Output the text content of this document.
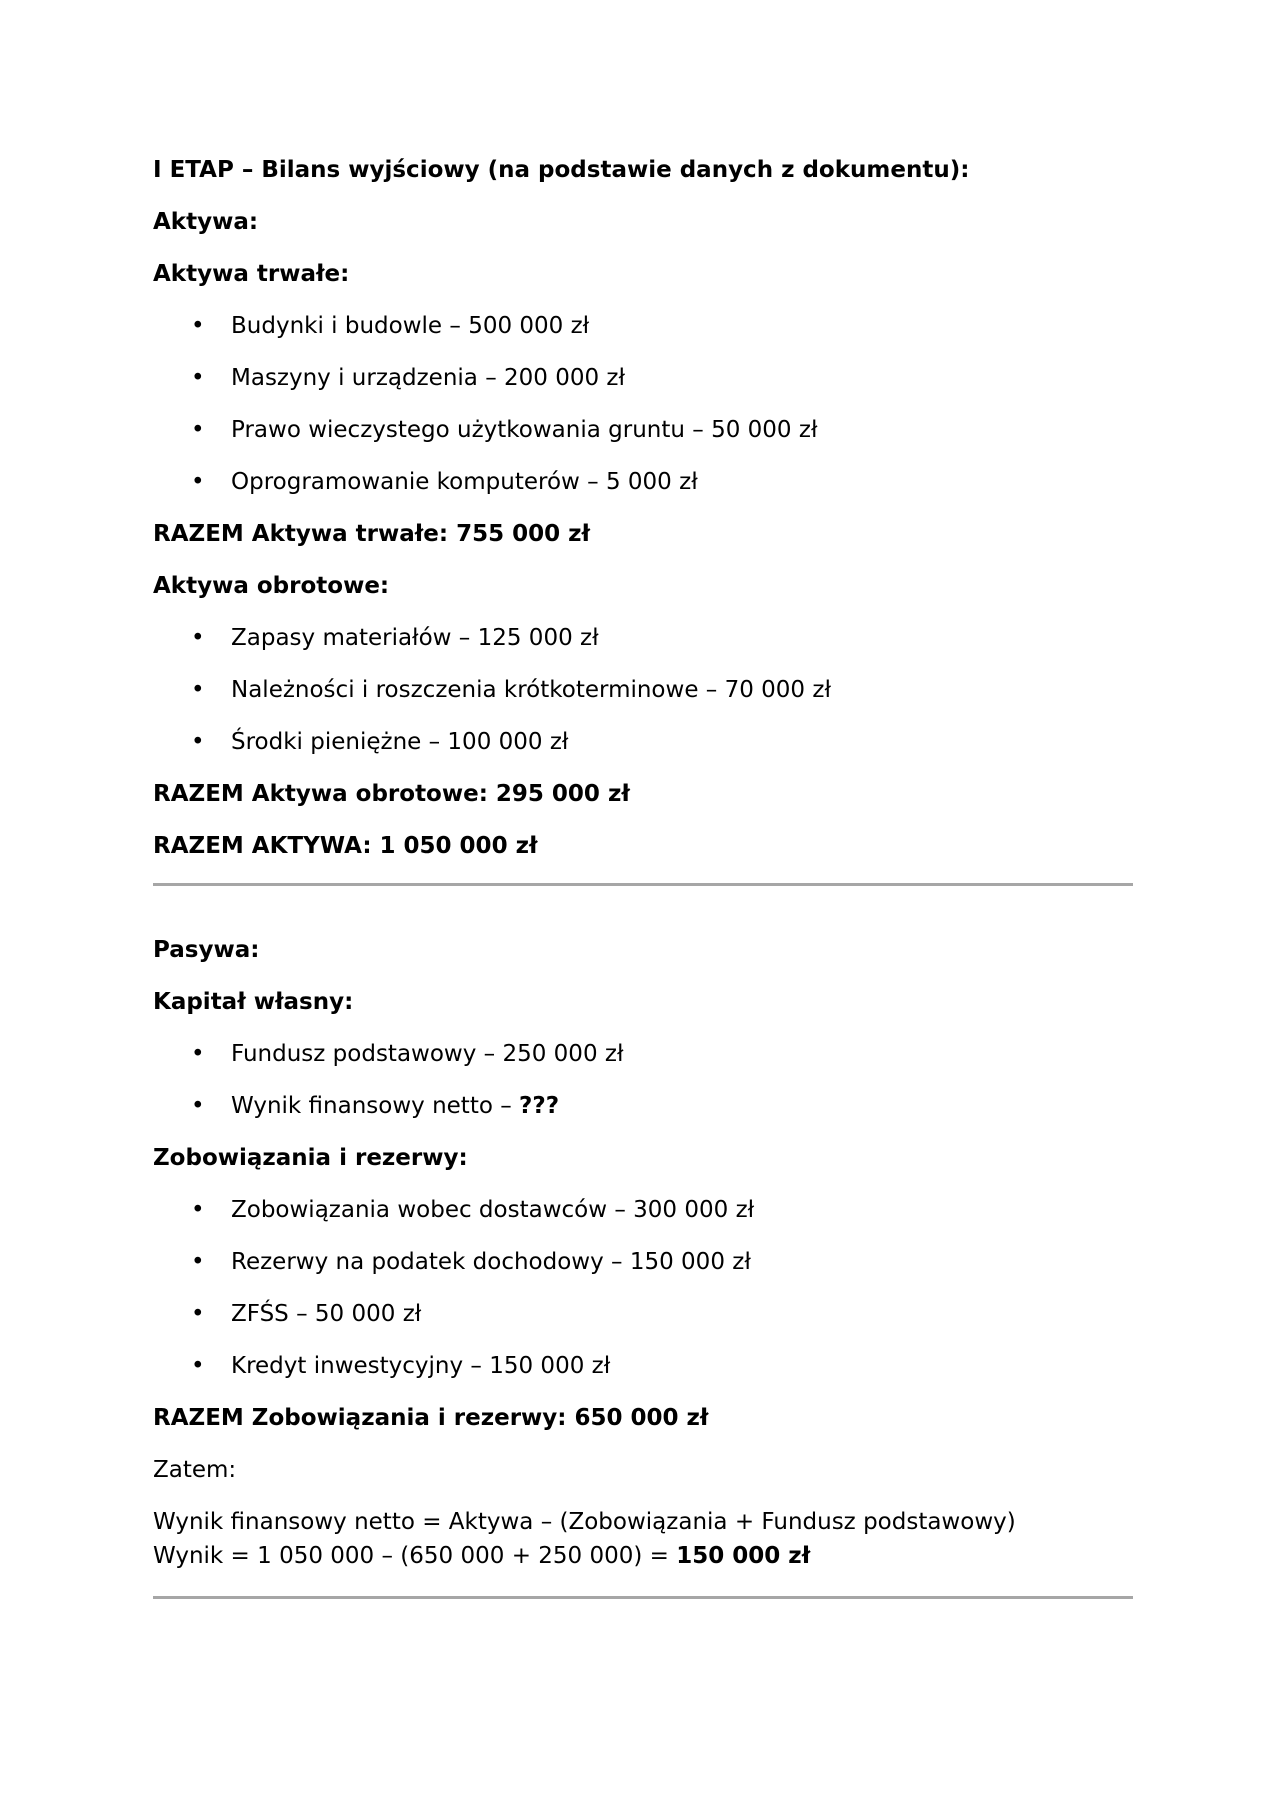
I ETAP – Bilans wyjściowy (na podstawie danych z dokumentu):

Aktywa:

Aktywa trwałe:

•	Budynki i budowle – 500 000 zł
•	Maszyny i urządzenia – 200 000 zł
•	Prawo wieczystego użytkowania gruntu – 50 000 zł
•	Oprogramowanie komputerów – 5 000 zł

RAZEM Aktywa trwałe: 755 000 zł

Aktywa obrotowe:

•	Zapasy materiałów – 125 000 zł
•	Należności i roszczenia krótkoterminowe – 70 000 zł
•	Środki pieniężne – 100 000 zł

RAZEM Aktywa obrotowe: 295 000 zł

RAZEM AKTYWA: 1 050 000 zł

Pasywa:

Kapitał własny:

•	Fundusz podstawowy – 250 000 zł
•	Wynik finansowy netto – ???

Zobowiązania i rezerwy:

•	Zobowiązania wobec dostawców – 300 000 zł
•	Rezerwy na podatek dochodowy – 150 000 zł
•	ZFŚS – 50 000 zł
•	Kredyt inwestycyjny – 150 000 zł

RAZEM Zobowiązania i rezerwy: 650 000 zł

Zatem:

Wynik finansowy netto = Aktywa – (Zobowiązania + Fundusz podstawowy)

Wynik = 1 050 000 – (650 000 + 250 000) = 150 000 zł
